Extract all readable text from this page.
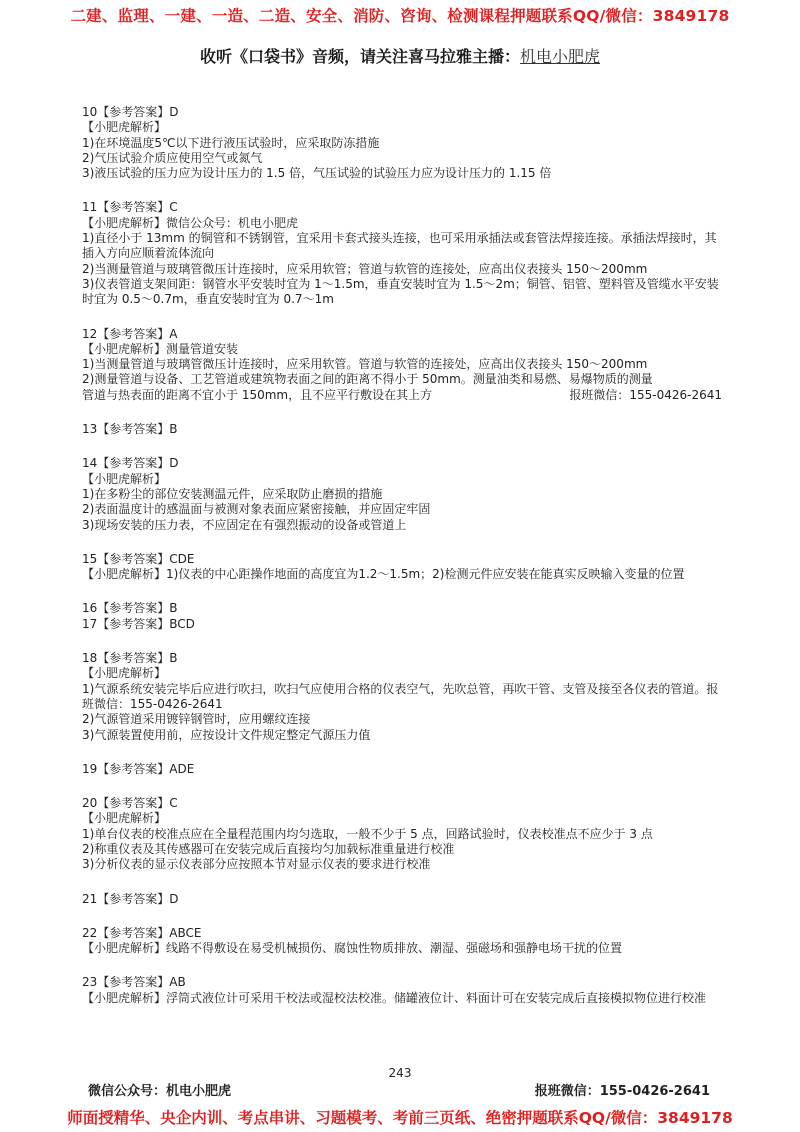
二建、监理、一建、一造、二造、安全、消防、咨询、检测课程押题联系QQ/微信：3849178
收听《口袋书》音频，请关注喜马拉雅主播：机电小肥虎
10【参考答案】D
【小肥虎解析】
1)在环境温度5℃以下进行液压试验时，应采取防冻措施
2)气压试验介质应使用空气或氮气
3)液压试验的压力应为设计压力的 1.5 倍，气压试验的试验压力应为设计压力的 1.15 倍
11【参考答案】C
【小肥虎解析】微信公众号：机电小肥虎
1)直径小于 13mm 的铜管和不锈钢管，宜采用卡套式接头连接，也可采用承插法或套管法焊接连接。承插法焊接时，其插入方向应顺着流体流向
2)当测量管道与玻璃管微压计连接时，应采用软管；管道与软管的连接处，应高出仪表接头 150～200mm
3)仪表管道支架间距：钢管水平安装时宜为 1～1.5m，垂直安装时宜为 1.5～2m；铜管、铝管、塑料管及管缆水平安装时宜为 0.5～0.7m，垂直安装时宜为 0.7～1m
12【参考答案】A
【小肥虎解析】测量管道安装
1)当测量管道与玻璃管微压计连接时，应采用软管。管道与软管的连接处，应高出仪表接头 150～200mm
2)测量管道与设备、工艺管道或建筑物表面之间的距离不得小于 50mm。测量油类和易燃、易爆物质的测量
管道与热表面的距离不宜小于 150mm，且不应平行敷设在其上方	报班微信：155-0426-2641
13【参考答案】B
14【参考答案】D
【小肥虎解析】
1)在多粉尘的部位安装测温元件，应采取防止磨损的措施
2)表面温度计的感温面与被测对象表面应紧密接触，并应固定牢固
3)现场安装的压力表，不应固定在有强烈振动的设备或管道上
15【参考答案】CDE
【小肥虎解析】1)仪表的中心距操作地面的高度宜为1.2～1.5m；2)检测元件应安装在能真实反映输入变量的位置
16【参考答案】B
17【参考答案】BCD
18【参考答案】B
【小肥虎解析】
1)气源系统安装完毕后应进行吹扫，吹扫气应使用合格的仪表空气，先吹总管，再吹干管、支管及接至各仪表的管道。报班微信：155-0426-2641
2)气源管道采用镀锌钢管时，应用螺纹连接
3)气源装置使用前，应按设计文件规定整定气源压力值
19【参考答案】ADE
20【参考答案】C
【小肥虎解析】
1)单台仪表的校准点应在全量程范围内均匀选取，一般不少于 5 点，回路试验时，仪表校准点不应少于 3 点
2)称重仪表及其传感器可在安装完成后直接均匀加载标准重量进行校准
3)分析仪表的显示仪表部分应按照本节对显示仪表的要求进行校准
21【参考答案】D
22【参考答案】ABCE
【小肥虎解析】线路不得敷设在易受机械损伤、腐蚀性物质排放、潮湿、强磁场和强静电场干扰的位置
23【参考答案】AB
【小肥虎解析】浮筒式液位计可采用干校法或湿校法校准。储罐液位计、料面计可在安装完成后直接模拟物位进行校准
243
微信公众号：机电小肥虎	报班微信：155-0426-2641
师面授精华、央企内训、考点串讲、习题模考、考前三页纸、绝密押题联系QQ/微信：3849178
